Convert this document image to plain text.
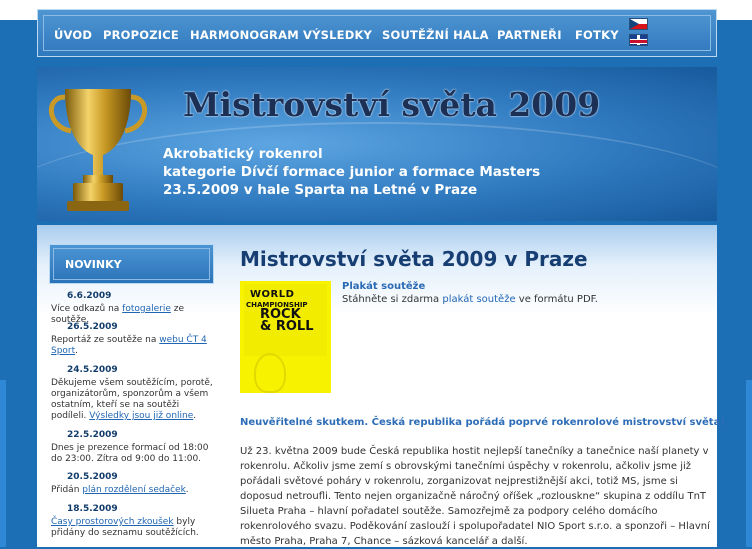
ÚVOD PROPOZICE HARMONOGRAM VÝSLEDKY SOUTĚŽNÍ HALA PARTNEŘI FOTKY
Mistrovství světa 2009
Akrobatický rokenrol
kategorie Dívčí formace junior a formace Masters
23.5.2009 v hale Sparta na Letné v Praze
NOVINKY
6.6.2009
Více odkazů na fotogalerie ze soutěže.
26.5.2009
Reportáž ze soutěže na webu ČT 4 Sport.
24.5.2009
Děkujeme všem soutěžícím, porotě, organizátorům, sponzorům a všem ostatním, kteří se na soutěži podíleli. Výsledky jsou již online.
22.5.2009
Dnes je prezence formací od 18:00 do 23:00. Zítra od 9:00 do 11:00.
20.5.2009
Přidán plán rozdělení sedaček.
18.5.2009
Časy prostorových zkoušek byly přidány do seznamu soutěžících.
Mistrovství světa 2009 v Praze
WORLD
CHAMPIONSHIP
ROCK
& ROLL
Plakát soutěže
Stáhněte si zdarma plakát soutěže ve formátu PDF.
Neuvěřitelné skutkem. Česká republika pořádá poprvé rokenrolové mistrovství světa!
Už 23. května 2009 bude Česká republika hostit nejlepší tanečníky a tanečnice naší planety v rokenrolu. Ačkoliv jsme zemí s obrovskými tanečními úspěchy v rokenrolu, ačkoliv jsme již pořádali světové poháry v rokenrolu, zorganizovat nejprestižnější akci, totiž MS, jsme si doposud netroufli. Tento nejen organizačně náročný oříšek „rozlouskne“ skupina z oddílu TnT Silueta Praha – hlavní pořadatel soutěže. Samozřejmě za podpory celého domácího rokenrolového svazu. Poděkování zaslouží i spolupořadatel NIO Sport s.r.o. a sponzoři – Hlavní město Praha, Praha 7, Chance – sázková kancelář a další.
